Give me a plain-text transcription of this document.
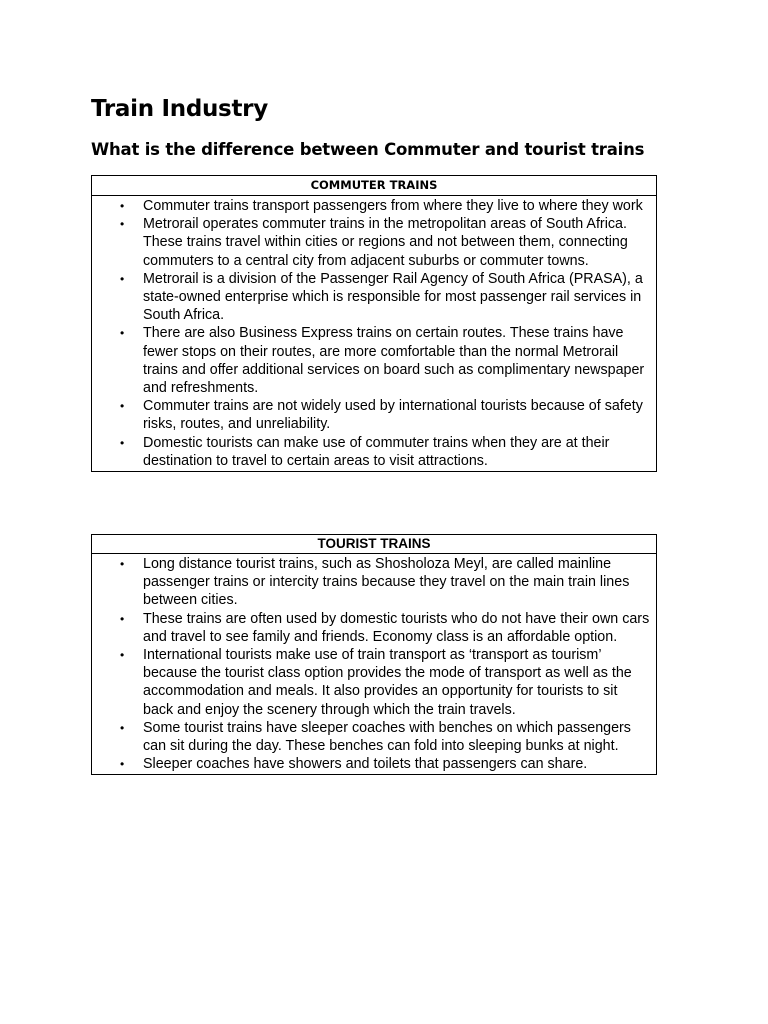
Train Industry
What is the difference between Commuter and tourist trains
COMMUTER TRAINS
• Commuter trains transport passengers from where they live to where they work
• Metrorail operates commuter trains in the metropolitan areas of South Africa. These trains travel within cities or regions and not between them, connecting commuters to a central city from adjacent suburbs or commuter towns.
• Metrorail is a division of the Passenger Rail Agency of South Africa (PRASA), a state-owned enterprise which is responsible for most passenger rail services in South Africa.
• There are also Business Express trains on certain routes. These trains have fewer stops on their routes, are more comfortable than the normal Metrorail trains and offer additional services on board such as complimentary newspaper and refreshments.
• Commuter trains are not widely used by international tourists because of safety risks, routes, and unreliability.
• Domestic tourists can make use of commuter trains when they are at their destination to travel to certain areas to visit attractions.
TOURIST TRAINS
• Long distance tourist trains, such as Shosholoza Meyl, are called mainline passenger trains or intercity trains because they travel on the main train lines between cities.
• These trains are often used by domestic tourists who do not have their own cars and travel to see family and friends. Economy class is an affordable option.
• International tourists make use of train transport as ‘transport as tourism’ because the tourist class option provides the mode of transport as well as the accommodation and meals. It also provides an opportunity for tourists to sit back and enjoy the scenery through which the train travels.
• Some tourist trains have sleeper coaches with benches on which passengers can sit during the day. These benches can fold into sleeping bunks at night.
• Sleeper coaches have showers and toilets that passengers can share.
